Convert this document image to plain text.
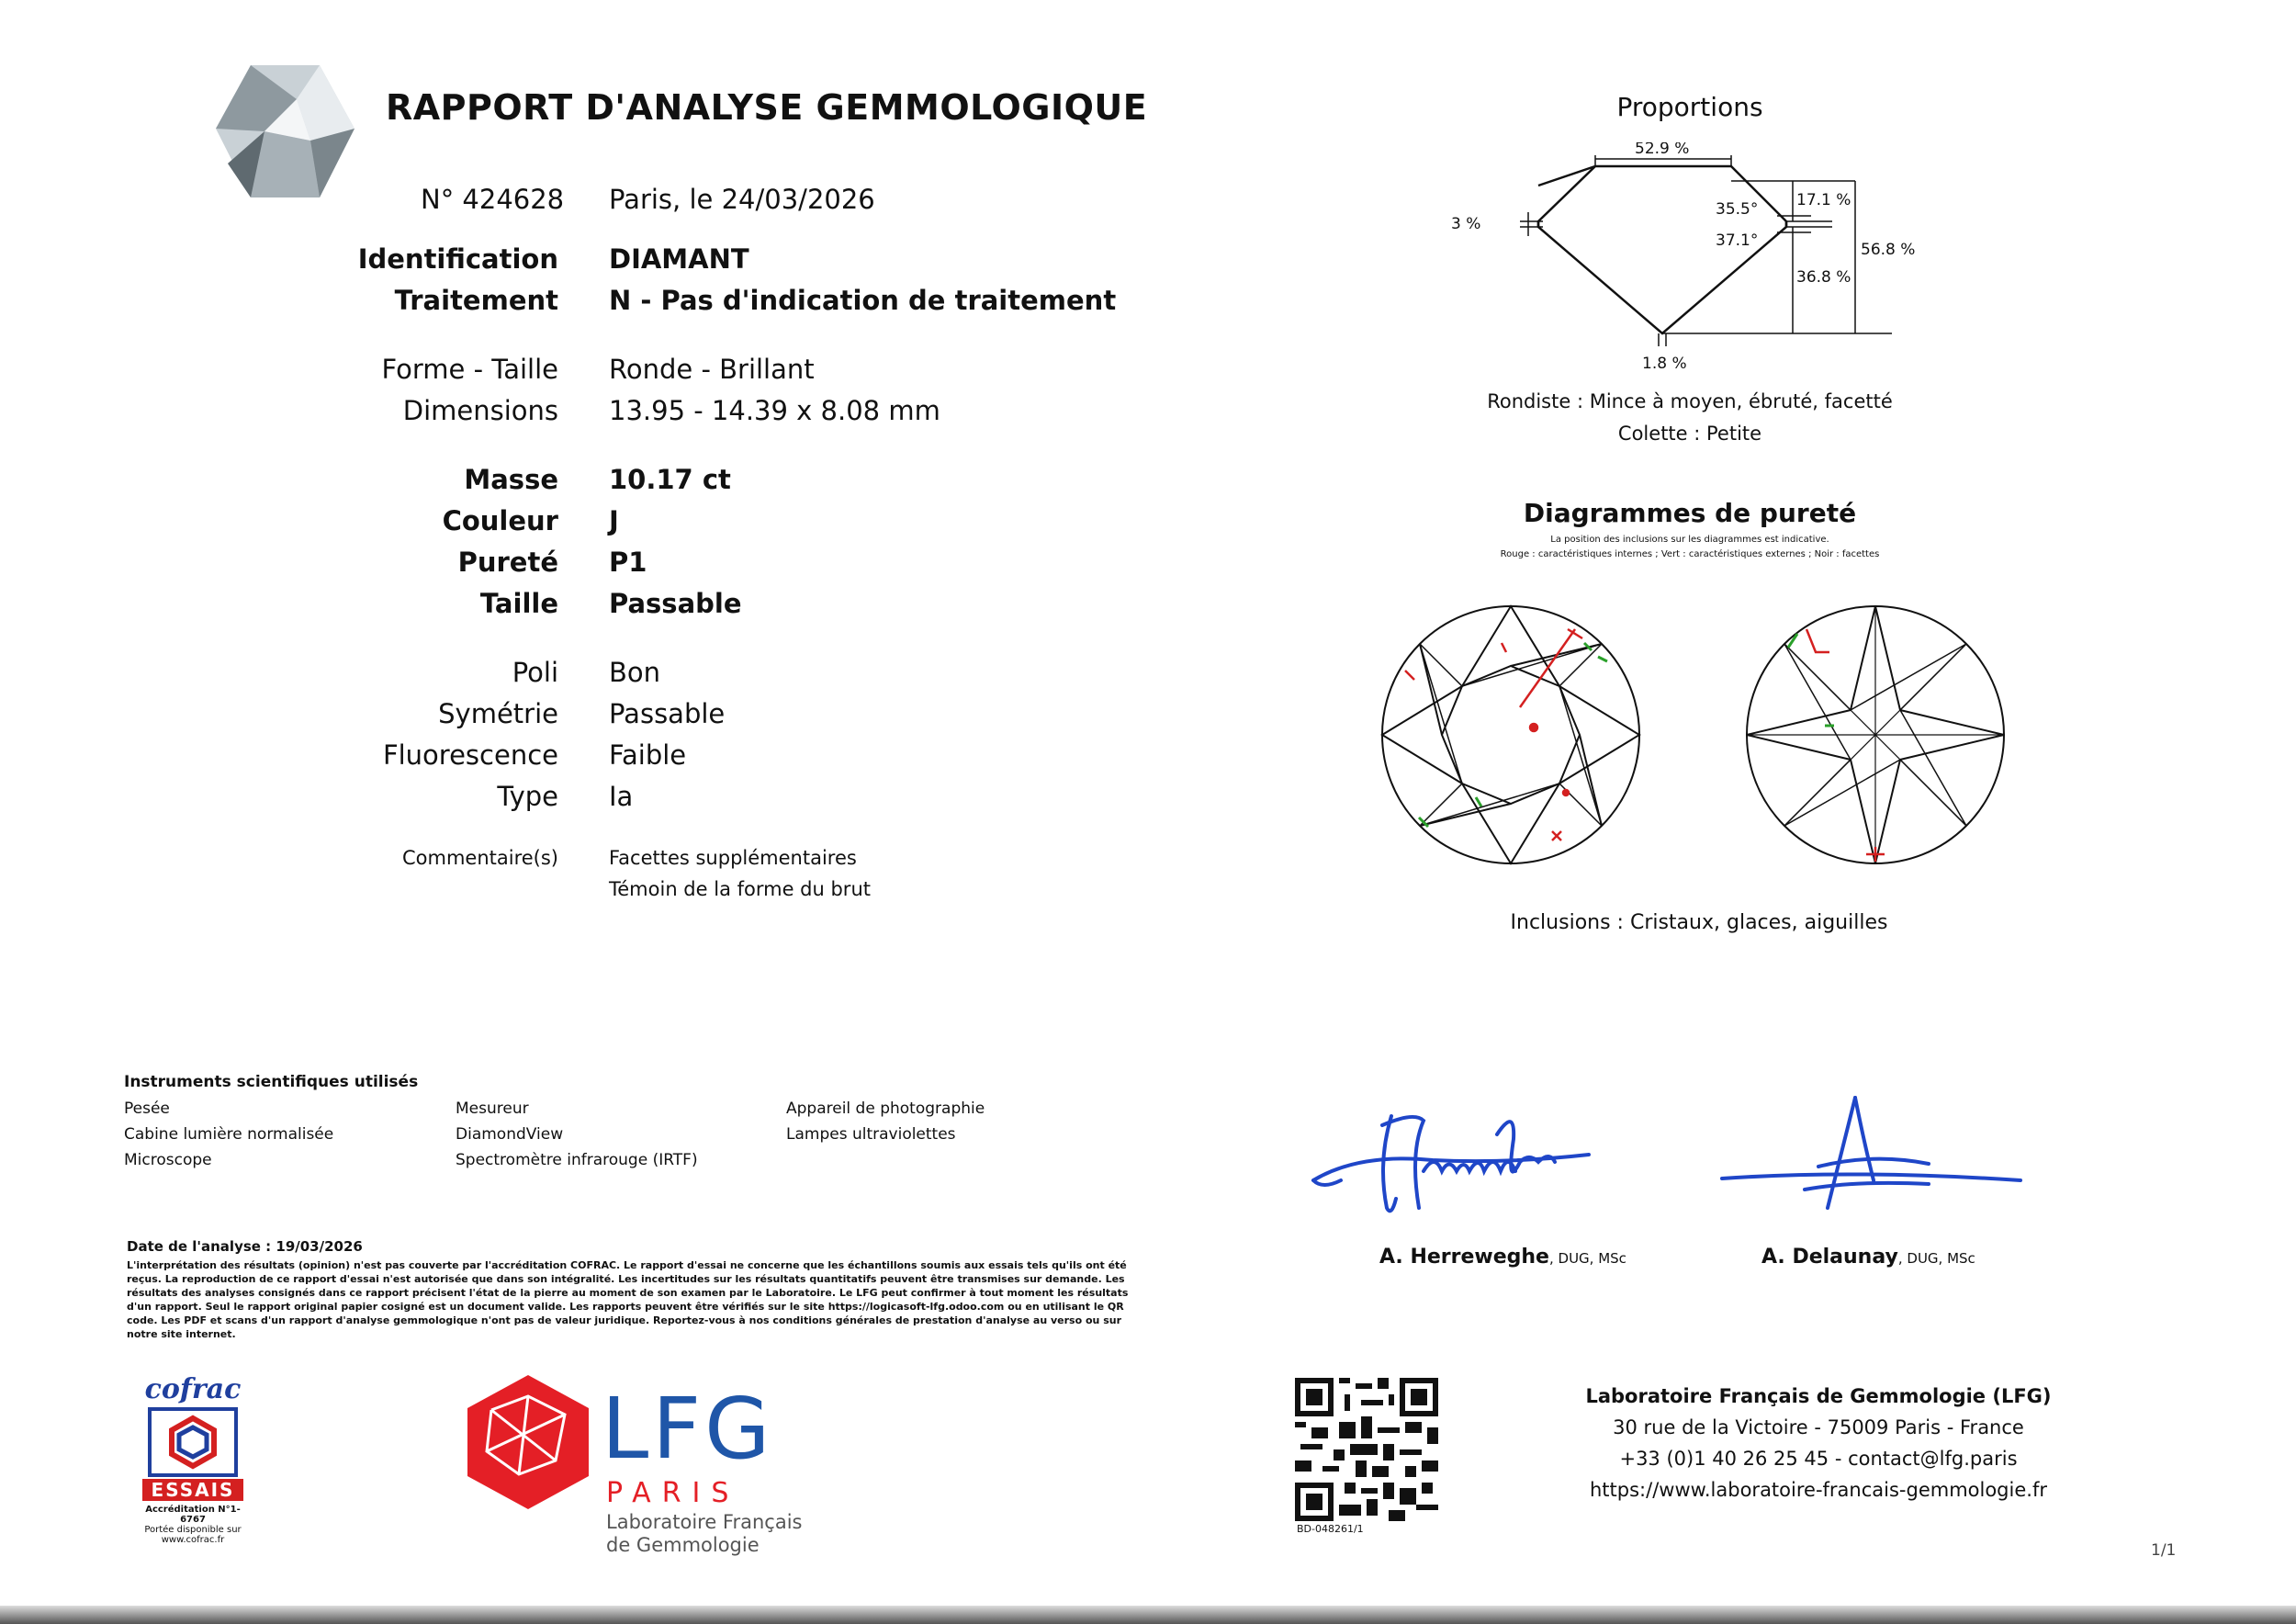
RAPPORT D'ANALYSE GEMMOLOGIQUE
N° 424628 Paris, le 24/03/2026
Identification DIAMANT
Traitement N - Pas d'indication de traitement
Forme - Taille Ronde - Brillant
Dimensions 13.95 - 14.39 x 8.08 mm
Masse 10.17 ct
Couleur J
Pureté P1
Taille Passable
Poli Bon
Symétrie Passable
Fluorescence Faible
Type Ia
Commentaire(s)	Facettes supplémentaires
Témoin de la forme du brut
Proportions
52.9 %
3 %
35.5°
37.1°
17.1 %
36.8 %
56.8 %
1.8 %
Rondiste : Mince à moyen, ébruté, facetté
Colette : Petite
Diagrammes de pureté
La position des inclusions sur les diagrammes est indicative.
Rouge : caractéristiques internes ; Vert : caractéristiques externes ; Noir : facettes
Inclusions : Cristaux, glaces, aiguilles
Instruments scientifiques utilisés
Pesée
Cabine lumière normalisée
Microscope
Mesureur
DiamondView
Spectromètre infrarouge (IRTF)
Appareil de photographie
Lampes ultraviolettes
Date de l'analyse : 19/03/2026
L'interprétation des résultats (opinion) n'est pas couverte par l'accréditation COFRAC. Le rapport d'essai ne concerne que les échantillons soumis aux essais tels qu'ils ont été reçus. La reproduction de ce rapport d'essai n'est autorisée que dans son intégralité. Les incertitudes sur les résultats quantitatifs peuvent être transmises sur demande. Les résultats des analyses consignés dans ce rapport précisent l'état de la pierre au moment de son examen par le Laboratoire. Le LFG peut confirmer à tout moment les résultats d'un rapport. Seul le rapport original papier cosigné est un document valide. Les rapports peuvent être vérifiés sur le site https://logicasoft-lfg.odoo.com ou en utilisant le QR code. Les PDF et scans d'un rapport d'analyse gemmologique n'ont pas de valeur juridique. Reportez-vous à nos conditions générales de prestation d'analyse au verso ou sur notre site internet.
A. Herreweghe, DUG, MSc	A. Delaunay, DUG, MSc
cofrac
ESSAIS
Accréditation N°1-6767
Portée disponible sur
www.cofrac.fr
LFG
PARIS
Laboratoire Français
de Gemmologie
BD-048261/1
Laboratoire Français de Gemmologie (LFG)
30 rue de la Victoire - 75009 Paris - France
+33 (0)1 40 26 25 45 - contact@lfg.paris
https://www.laboratoire-francais-gemmologie.fr
1/1
